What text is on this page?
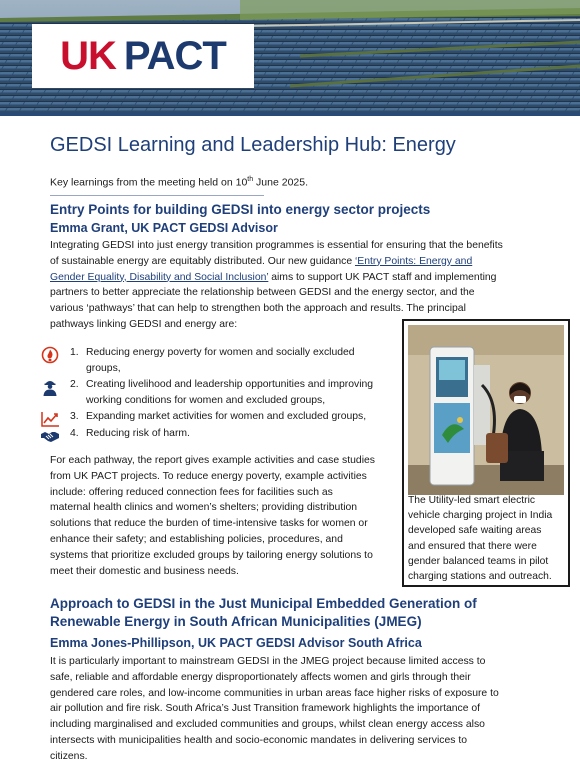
UK PACT
GEDSI Learning and Leadership Hub: Energy
Key learnings from the meeting held on 10th June 2025.
Entry Points for building GEDSI into energy sector projects
Emma Grant, UK PACT GEDSI Advisor
Integrating GEDSI into just energy transition programmes is essential for ensuring that the benefits
of sustainable energy are equitably distributed. Our new guidance ‘Entry Points: Energy and
Gender Equality, Disability and Social Inclusion’ aims to support UK PACT staff and implementing
partners to better appreciate the relationship between GEDSI and the energy sector, and the
various ‘pathways’ that can help to strengthen both the approach and results. The principal
pathways linking GEDSI and energy are:
1. Reducing energy poverty for women and socially excluded
groups,
2. Creating livelihood and leadership opportunities and improving
working conditions for women and excluded groups,
3. Expanding market activities for women and excluded groups,
4. Reducing risk of harm.
For each pathway, the report gives example activities and case studies
from UK PACT projects. To reduce energy poverty, example activities
include: offering reduced connection fees for facilities such as
maternal health clinics and women’s shelters; providing distribution
solutions that reduce the burden of time-intensive tasks for women or
enhance their safety; and establishing policies, procedures, and
systems that prioritize excluded groups by tailoring energy solutions to
meet their domestic and business needs.
The Utility-led smart electric
vehicle charging project in India
developed safe waiting areas
and ensured that there were
gender balanced teams in pilot
charging stations and outreach.
Approach to GEDSI in the Just Municipal Embedded Generation of
Renewable Energy in South African Municipalities (JMEG)
Emma Jones-Phillipson, UK PACT GEDSI Advisor South Africa
It is particularly important to mainstream GEDSI in the JMEG project because limited access to
safe, reliable and affordable energy disproportionately affects women and girls through their
gendered care roles, and low-income communities in urban areas face higher risks of exposure to
air pollution and fire risk. South Africa’s Just Transition framework highlights the importance of
including marginalised and excluded communities and groups, whilst clean energy access also
intersects with municipalities health and socio-economic mandates in delivering services to
citizens.
